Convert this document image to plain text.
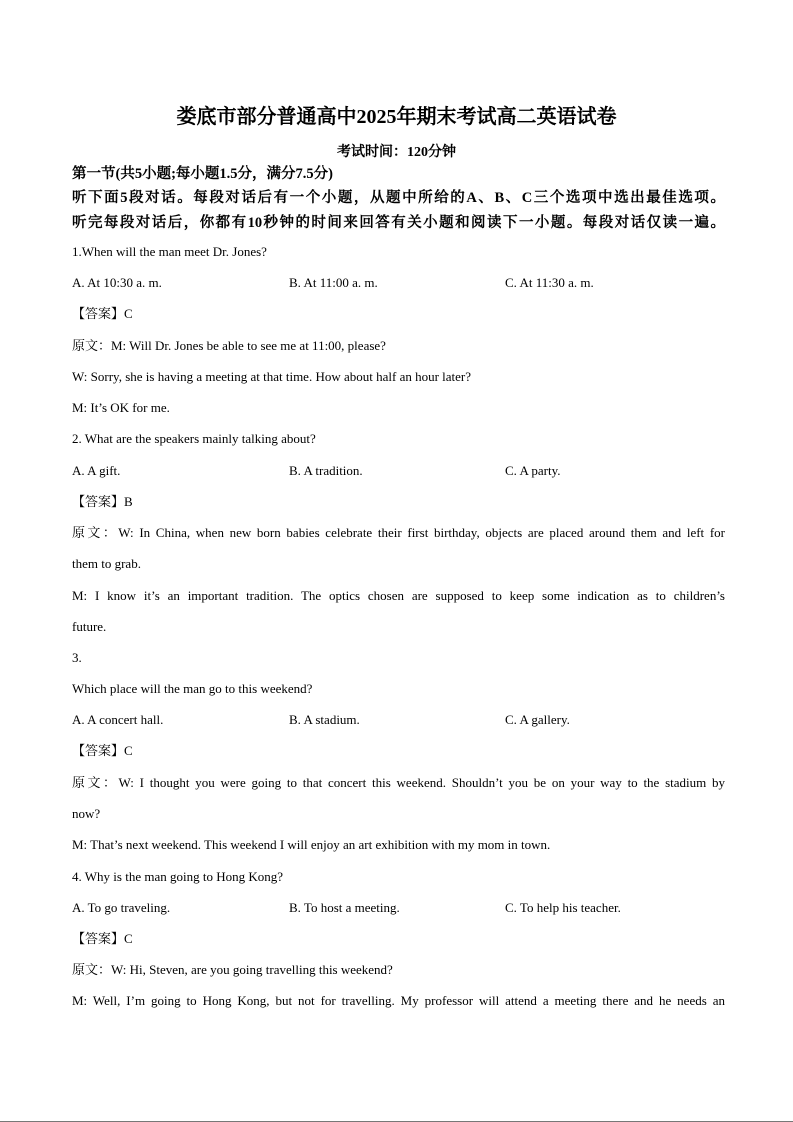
娄底市部分普通高中2025年期末考试高二英语试卷
考试时间：120分钟
第一节(共5小题;每小题1.5分，满分7.5分)
听下面5段对话。每段对话后有一个小题，从题中所给的A、B、C三个选项中选出最佳选项。
听完每段对话后，你都有10秒钟的时间来回答有关小题和阅读下一小题。每段对话仅读一遍。
1.When will the man meet Dr. Jones?
A. At 10:30 a. m.	B. At 11:00 a. m.	C. At 11:30 a. m.
【答案】C
原文：M: Will Dr. Jones be able to see me at 11:00, please?
W: Sorry, she is having a meeting at that time. How about half an hour later?
M: It’s OK for me.
2. What are the speakers mainly talking about?
A. A gift.	B. A tradition.	C. A party.
【答案】B
原文：W: In China, when new born babies celebrate their first birthday, objects are placed around them and left for
them to grab.
M: I know it’s an important tradition. The optics chosen are supposed to keep some indication as to children’s
future.
3.
Which place will the man go to this weekend?
A. A concert hall.	B. A stadium.	C. A gallery.
【答案】C
原文：W: I thought you were going to that concert this weekend. Shouldn’t you be on your way to the stadium by
now?
M: That’s next weekend. This weekend I will enjoy an art exhibition with my mom in town.
4. Why is the man going to Hong Kong?
A. To go traveling.	B. To host a meeting.	C. To help his teacher.
【答案】C
原文：W: Hi, Steven, are you going travelling this weekend?
M: Well, I’m going to Hong Kong, but not for travelling. My professor will attend a meeting there and he needs an
